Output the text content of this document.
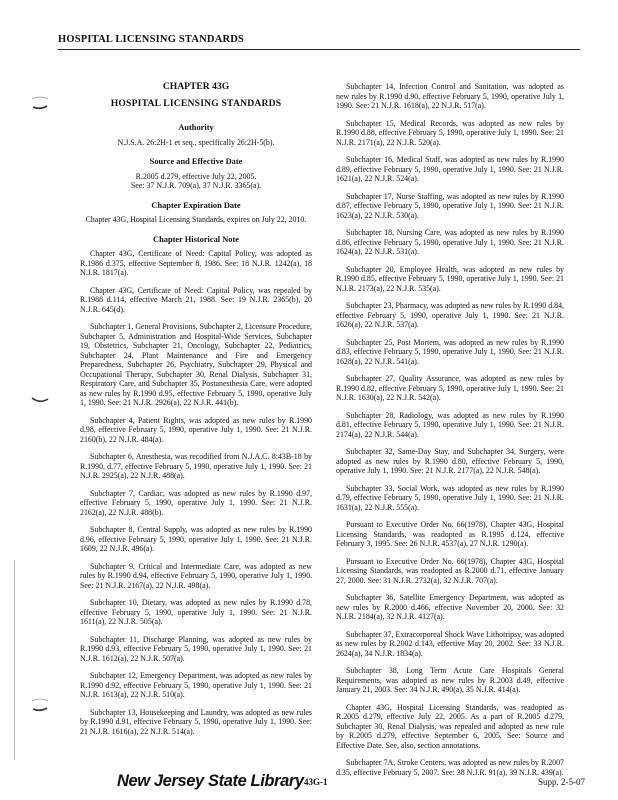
HOSPITAL LICENSING STANDARDS
CHAPTER 43G
HOSPITAL LICENSING STANDARDS
Authority
N.J.S.A. 26:2H-1 et seq., specifically 26:2H-5(b).
Source and Effective Date
R.2005 d.279, effective July 22, 2005.
See: 37 N.J.R. 709(a), 37 N.J.R. 3365(a).
Chapter Expiration Date
Chapter 43G, Hospital Licensing Standards, expires on July 22, 2010.
Chapter Historical Note

Chapter 43G, Certificate of Need: Capital Policy, was adopted as R.1986 d.375, effective September 8, 1986. See: 18 N.J.R. 1242(a), 18 N.J.R. 1817(a).

Chapter 43G, Certificate of Need: Capital Policy, was repealed by R.1988 d.114, effective March 21, 1988. See: 19 N.J.R. 2365(b), 20 N.J.R. 645(d).

Subchapter 1, General Provisions, Subchapter 2, Licensure Procedure, Subchapter 5, Administration and Hospital-Wide Services, Subchapter 19, Obstetrics, Subchapter 21, Oncology, Subchapter 22, Pediatrics, Subchapter 24, Plant Maintenance and Fire and Emergency Preparedness, Subchapter 26, Psychiatry, Subchapter 29, Physical and Occupational Therapy, Subchapter 30, Renal Dialysis, Subchapter 31, Respiratory Care, and Subchapter 35, Postanesthesia Care, were adopted as new rules by R.1990 d.95, effective February 5, 1990, operative July 1, 1990. See: 21 N.J.R. 2926(a), 22 N.J.R. 441(b).

Subchapter 4, Patient Rights, was adopted as new rules by R.1990 d.98, effective February 5, 1990, operative July 1, 1990. See: 21 N.J.R. 2160(b), 22 N.J.R. 484(a).

Subchapter 6, Anesthesia, was recodified from N.J.A.C. 8:43B-18 by R.1990, d.77, effective February 5, 1990, operative July 1, 1990. See: 21 N.J.R. 2925(a), 22 N.J.R. 488(a).

Subchapter 7, Cardiac, was adopted as new rules by R.1990 d.97, effective February 5, 1990, operative July 1, 1990. See: 21 N.J.R. 2162(a), 22 N.J.R. 488(b).

Subchapter 8, Central Supply, was adopted as new rules by R.1990 d.96, effective February 5, 1990, operative July 1, 1990. See: 21 N.J.R. 1609, 22 N.J.R. 496(a).

Subchapter 9, Critical and Intermediate Care, was adopted as new rules by R.1990 d.94, effective February 5, 1990, operative July 1, 1990. See: 21 N.J.R. 2167(a), 22 N.J.R. 498(a).

Subchapter 10, Dietary, was adopted as new rules by R.1990 d.78, effective February 5, 1990, operative July 1, 1990. See: 21 N.J.R. 1611(a), 22 N.J.R. 505(a).

Subchapter 11, Discharge Planning, was adopted as new rules by R.1990 d.93, effective February 5, 1990, operative July 1, 1990. See: 21 N.J.R. 1612(a), 22 N.J.R. 507(a).

Subchapter 12, Emergency Department, was adopted as new rules by R.1990 d.92, effective February 5, 1990, operative July 1, 1990. See: 21 N.J.R. 1613(a), 22 N.J.R. 510(a).

Subchapter 13, Housekeeping and Laundry, was adopted as new rules by R.1990 d.91, effective February 5, 1990, operative July 1, 1990. See: 21 N.J.R. 1616(a), 22 N.J.R. 514(a).

Subchapter 14, Infection Control and Sanitation, was adopted as new rules by R.1990 d.90, effective February 5, 1990, operative July 1, 1990. See: 21 N.J.R. 1618(a), 22 N.J.R. 517(a).

Subchapter 15, Medical Records, was adopted as new rules by R.1990 d.88, effective February 5, 1990, operative July 1, 1990. See: 21 N.J.R. 2171(a), 22 N.J.R. 520(a).

Subchapter 16, Medical Staff, was adopted as new rules by R.1990 d.89, effective February 5, 1990, operative July 1, 1990. See: 21 N.J.R. 1621(a), 22 N.J.R. 524(a).

Subchapter 17, Nurse Staffing, was adopted as new rules by R.1990 d.87, effective February 5, 1990, operative July 1, 1990. See: 21 N.J.R. 1623(a), 22 N.J.R. 530(a).

Subchapter 18, Nursing Care, was adopted as new rules by R.1990 d.86, effective February 5, 1990, operative July 1, 1990. See: 21 N.J.R. 1624(a), 22 N.J.R. 531(a).

Subchapter 20, Employee Health, was adopted as new rules by R.1990 d.85, effective February 5, 1990, operative July 1, 1990. See: 21 N.J.R. 2173(a), 22 N.J.R. 535(a).

Subchapter 23, Pharmacy, was adopted as new rules by R.1990 d.84, effective February 5, 1990, operative July 1, 1990. See: 21 N.J.R. 1626(a), 22 N.J.R. 537(a).

Subchapter 25, Post Mortem, was adopted as new rules by R.1990 d.83, effective February 5, 1990, operative July 1, 1990. See: 21 N.J.R. 1628(a), 22 N.J.R. 541(a).

Subchapter 27, Quality Assurance, was adopted as new rules by R.1990 d.82, effective February 5, 1990, operative July 1, 1990. See: 21 N.J.R. 1630(a), 22 N.J.R. 542(a).

Subchapter 28, Radiology, was adopted as new rules by R.1990 d.81, effective February 5, 1990, operative July 1, 1990. See: 21 N.J.R. 2174(a), 22 N.J.R. 544(a).

Subchapter 32, Same-Day Stay, and Subchapter 34, Surgery, were adopted as new rules by R.1990 d.80, effective February 5, 1990, operative July 1, 1990. See: 21 N.J.R. 2177(a), 22 N.J.R. 548(a).

Subchapter 33, Social Work, was adopted as new rules by R.1990 d.79, effective February 5, 1990, operative July 1, 1990. See: 21 N.J.R. 1631(a), 22 N.J.R. 555(a).

Pursuant to Executive Order No. 66(1978), Chapter 43G, Hospital Licensing Standards, was readopted as R.1995 d.124, effective February 3, 1995. See: 26 N.J.R. 4537(a), 27 N.J.R. 1290(a).

Pursuant to Executive Order No. 66(1978), Chapter 43G, Hospital Licensing Standards, was readopted as R.2000 d.71, effective January 27, 2000. See: 31 N.J.R. 2732(a), 32 N.J.R. 707(a).

Subchapter 36, Satellite Emergency Department, was adopted as new rules by R.2000 d.466, effective November 20, 2000. See: 32 N.J.R. 2184(a), 32 N.J.R. 4127(a).

Subchapter 37, Extracorporeal Shock Wave Lithotripsy, was adopted as new rules by R.2002 d.143, effective May 20, 2002. See: 33 N.J.R. 2624(a), 34 N.J.R. 1834(a).

Subchapter 38, Long Term Acute Care Hospitals General Requirements, was adopted as new rules by R.2003 d.49, effective January 21, 2003. See: 34 N.J.R. 490(a), 35 N.J.R. 414(a).

Chapter 43G, Hospital Licensing Standards, was readopted as R.2005 d.279, effective July 22, 2005. As a part of R.2005 d.279, Subchapter 30, Renal Dialysis, was repealed and adopted as new rule by R.2005 d.279, effective September 6, 2005. See: Source and Effective Date. See, also, section annotations.

Subchapter 7A, Stroke Centers, was adopted as new rules by R.2007 d.35, effective February 5, 2007. See: 38 N.J.R. 91(a), 39 N.J.R. 439(a).

New Jersey State Library 43G-1	Supp. 2-5-07
